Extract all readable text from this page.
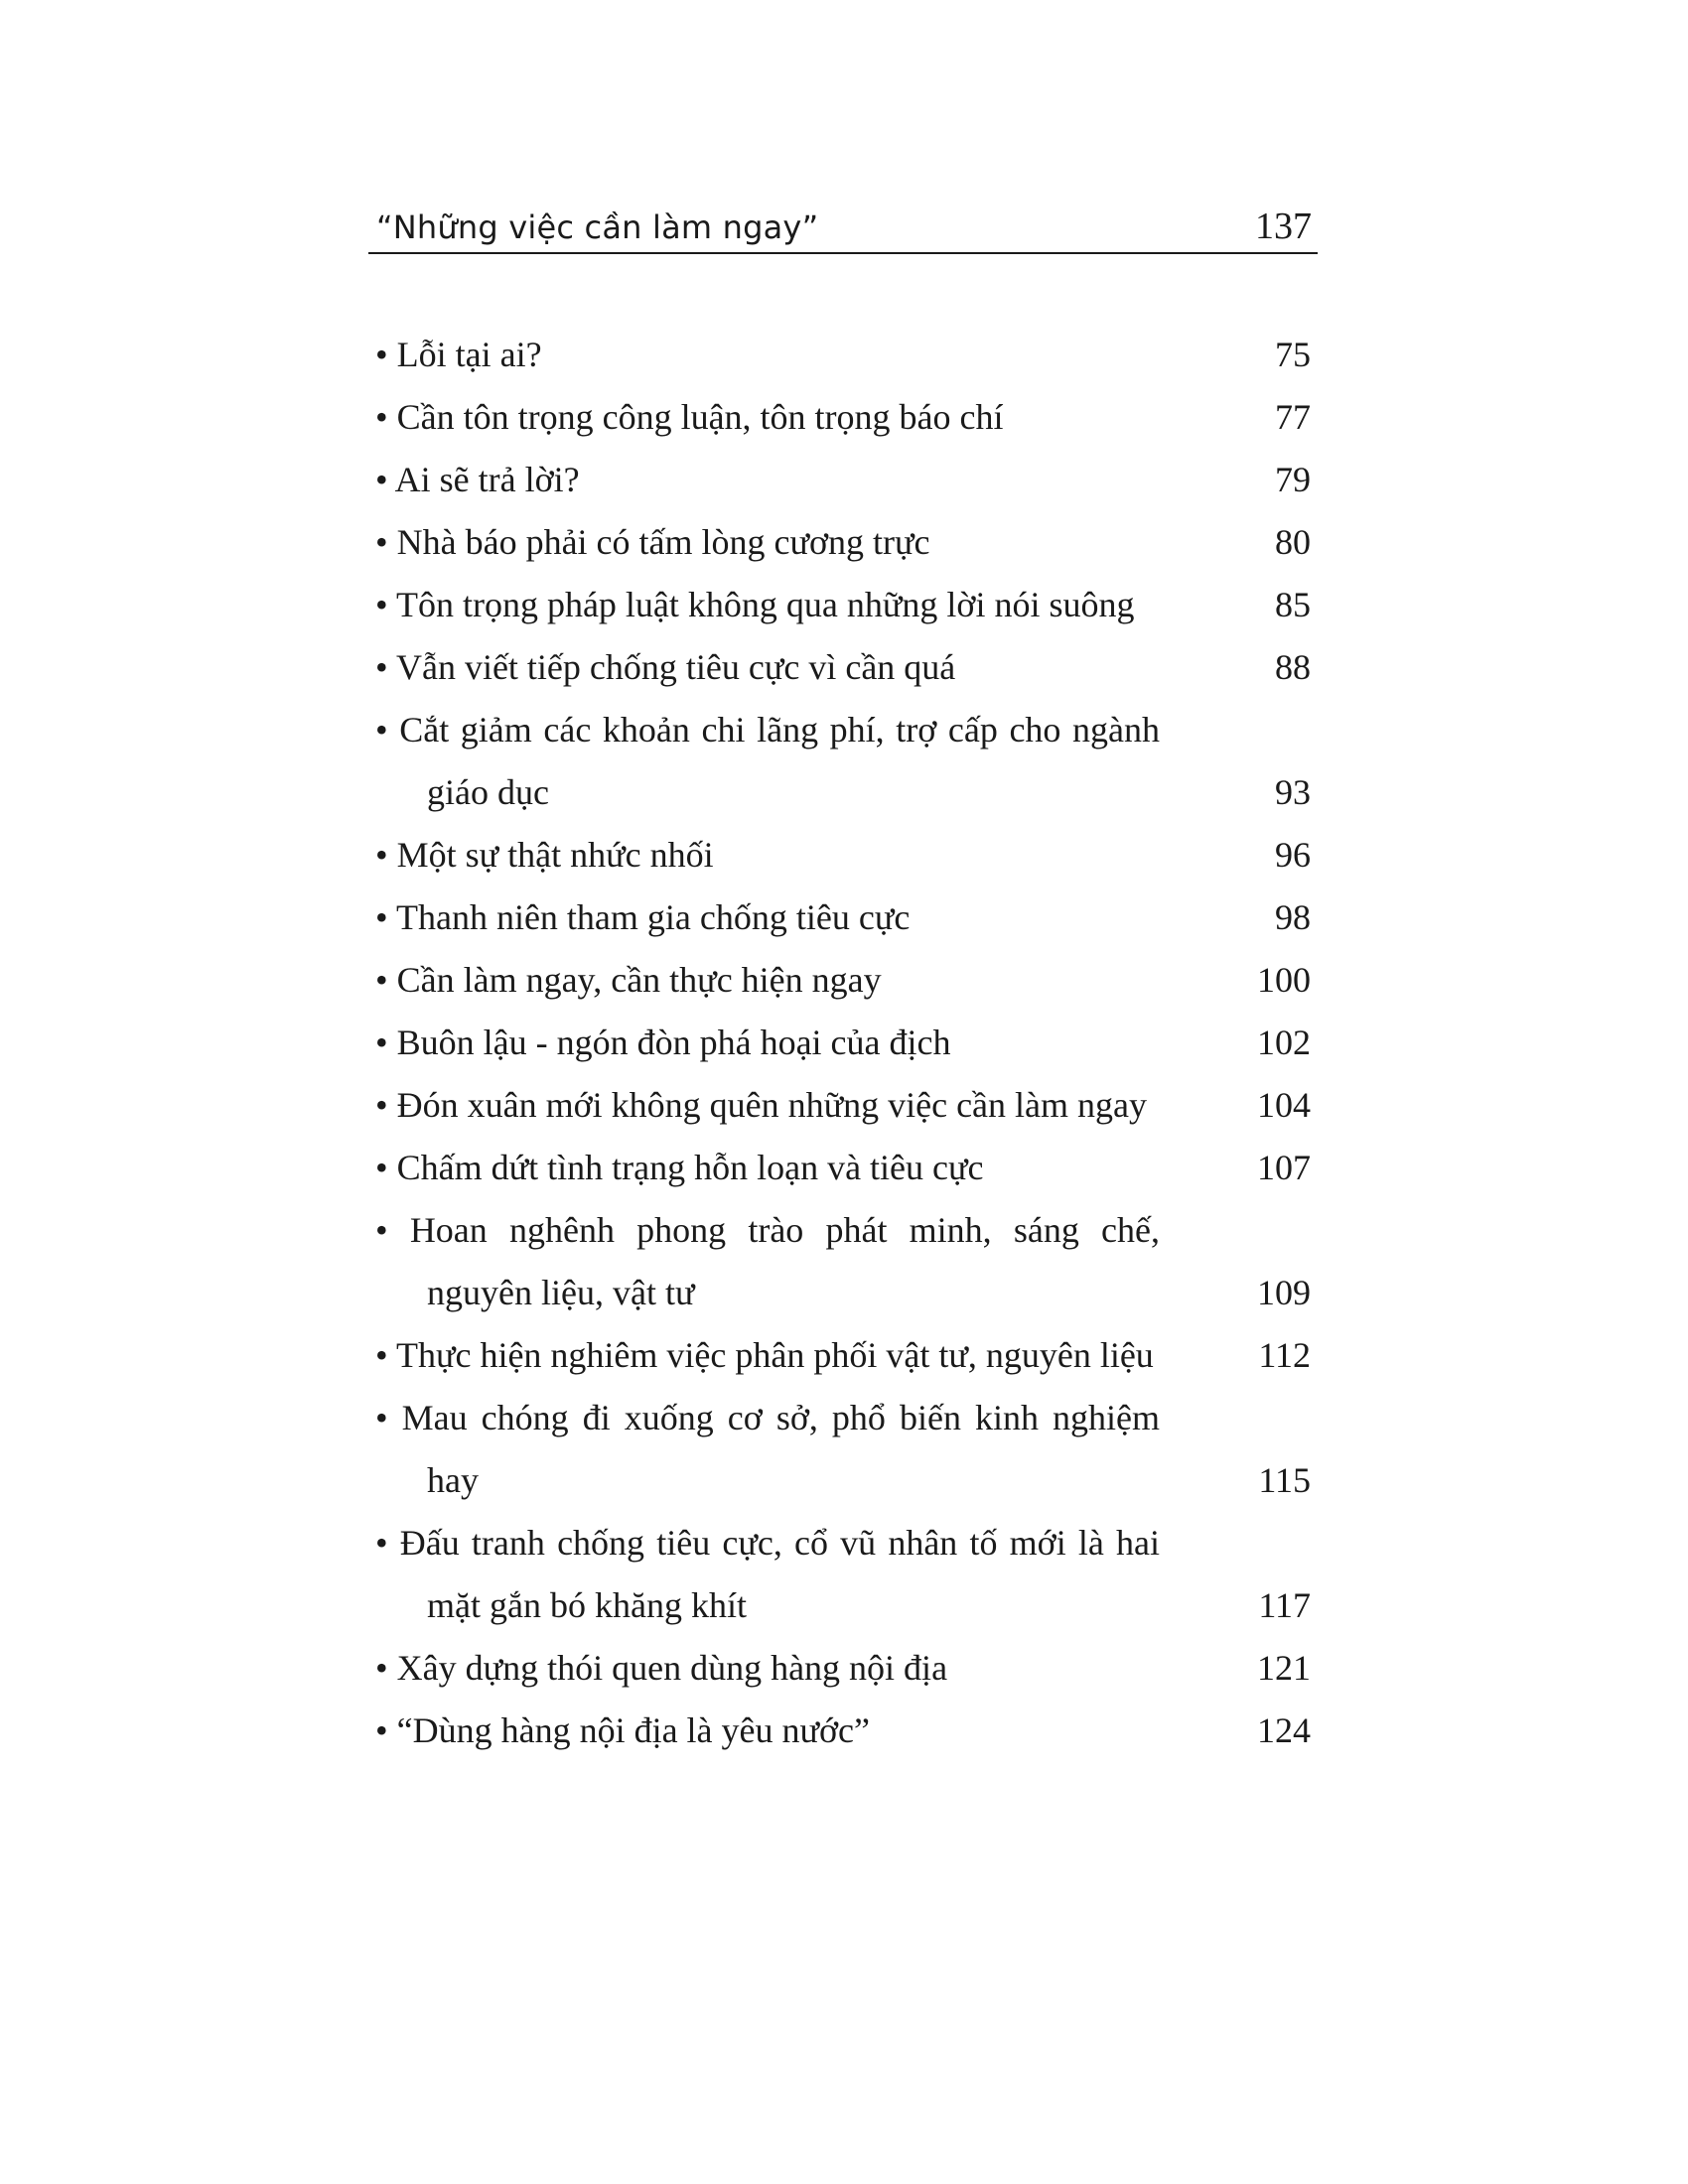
“Những việc cần làm ngay”	137
• Lỗi tại ai?	75
• Cần tôn trọng công luận, tôn trọng báo chí	77
• Ai sẽ trả lời?	79
• Nhà báo phải có tấm lòng cương trực	80
• Tôn trọng pháp luật không qua những lời nói suông	85
• Vẫn viết tiếp chống tiêu cực vì cần quá	88
• Cắt giảm các khoản chi lãng phí, trợ cấp cho ngành giáo dục	93
• Một sự thật nhức nhối	96
• Thanh niên tham gia chống tiêu cực	98
• Cần làm ngay, cần thực hiện ngay	100
• Buôn lậu - ngón đòn phá hoại của địch	102
• Đón xuân mới không quên những việc cần làm ngay	104
• Chấm dứt tình trạng hỗn loạn và tiêu cực	107
• Hoan nghênh phong trào phát minh, sáng chế, nguyên liệu, vật tư	109
• Thực hiện nghiêm việc phân phối vật tư, nguyên liệu	112
• Mau chóng đi xuống cơ sở, phổ biến kinh nghiệm hay	115
• Đấu tranh chống tiêu cực, cổ vũ nhân tố mới là hai mặt gắn bó khăng khít	117
• Xây dựng thói quen dùng hàng nội địa	121
• “Dùng hàng nội địa là yêu nước”	124
